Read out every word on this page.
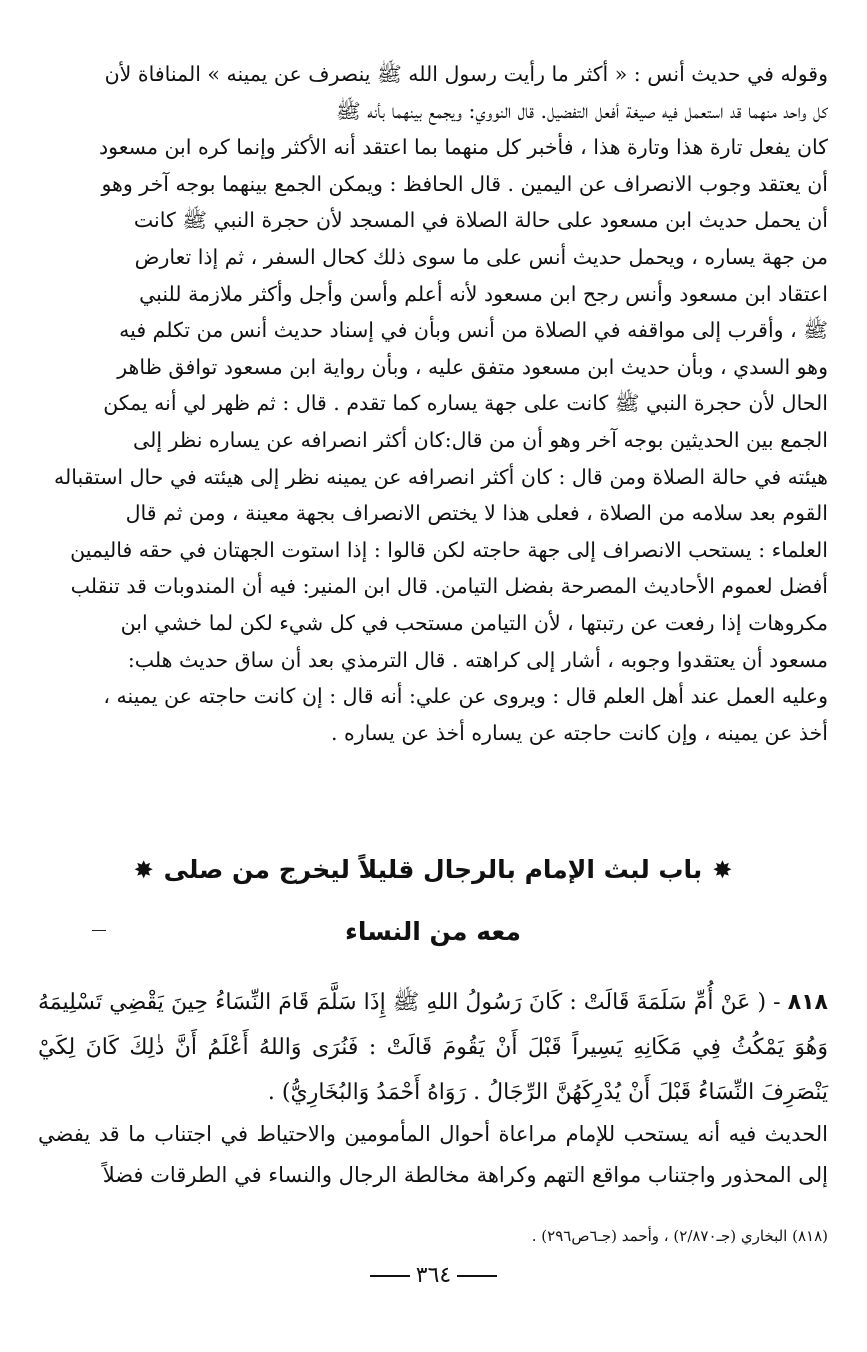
وقوله في حديث أنس : « أكثر ما رأيت رسول الله ﷺ ينصرف عن يمينه » المنافاة لأن
كل واحد منهما قد استعمل فيه صيغة أفعل التفضيل. قال النووي: ويجمع بينهما بأنه ﷺ
كان يفعل تارة هذا وتارة هذا ، فأخبر كل منهما بما اعتقد أنه الأكثر وإنما كره ابن مسعود
أن يعتقد وجوب الانصراف عن اليمين . قال الحافظ : ويمكن الجمع بينهما بوجه آخر وهو
أن يحمل حديث ابن مسعود على حالة الصلاة في المسجد لأن حجرة النبي ﷺ كانت
من جهة يساره ، ويحمل حديث أنس على ما سوى ذلك كحال السفر ، ثم إذا تعارض
اعتقاد ابن مسعود وأنس رجح ابن مسعود لأنه أعلم وأسن وأجل وأكثر ملازمة للنبي
ﷺ ، وأقرب إلى مواقفه في الصلاة من أنس وبأن في إسناد حديث أنس من تكلم فيه
وهو السدي ، وبأن حديث ابن مسعود متفق عليه ، وبأن رواية ابن مسعود توافق ظاهر
الحال لأن حجرة النبي ﷺ كانت على جهة يساره كما تقدم . قال : ثم ظهر لي أنه يمكن
الجمع بين الحديثين بوجه آخر وهو أن من قال:كان أكثر انصرافه عن يساره نظر إلى
هيئته في حالة الصلاة ومن قال : كان أكثر انصرافه عن يمينه نظر إلى هيئته في حال استقباله
القوم بعد سلامه من الصلاة ، فعلى هذا لا يختص الانصراف بجهة معينة ، ومن ثم قال
العلماء : يستحب الانصراف إلى جهة حاجته لكن قالوا : إذا استوت الجهتان في حقه فاليمين
أفضل لعموم الأحاديث المصرحة بفضل التيامن. قال ابن المنير: فيه أن المندوبات قد تنقلب
مكروهات إذا رفعت عن رتبتها ، لأن التيامن مستحب في كل شيء لكن لما خشي ابن
مسعود أن يعتقدوا وجوبه ، أشار إلى كراهته . قال الترمذي بعد أن ساق حديث هلب:
وعليه العمل عند أهل العلم قال : ويروى عن علي: أنه قال : إن كانت حاجته عن يمينه ،
أخذ عن يمينه ، وإن كانت حاجته عن يساره أخذ عن يساره .

✸باب لبث الإمام بالرجال قليلاً ليخرج من صلى✸
معه من النساء
٨١٨ - ( عَنْ أُمِّ سَلَمَةَ قَالَتْ : كَانَ رَسُولُ اللهِ ﷺ إِذَا سَلَّمَ قَامَ النِّسَاءُ حِينَ يَقْضِي تَسْلِيمَهُ وَهُوَ يَمْكُثُ فِي مَكَانِهِ يَسِيراً قَبْلَ أَنْ يَقُومَ قَالَتْ : فَنُرَى وَاللهُ أَعْلَمُ أَنَّ ذٰلِكَ كَانَ لِكَيْ يَنْصَرِفَ النِّسَاءُ قَبْلَ أَنْ يُدْرِكَهُنَّ الرِّجَالُ . رَوَاهُ أَحْمَدُ وَالبُخَارِيُّ) .
الحديث فيه أنه يستحب للإمام مراعاة أحوال المأمومين والاحتياط في اجتناب ما قد يفضي إلى المحذور واجتناب مواقع التهم وكراهة مخالطة الرجال والنساء في الطرقات فضلاً
(٨١٨) البخاري (جـ٢/٨٧٠) ، وأحمد (جـ٦ص٢٩٦) .
٣٦٤
